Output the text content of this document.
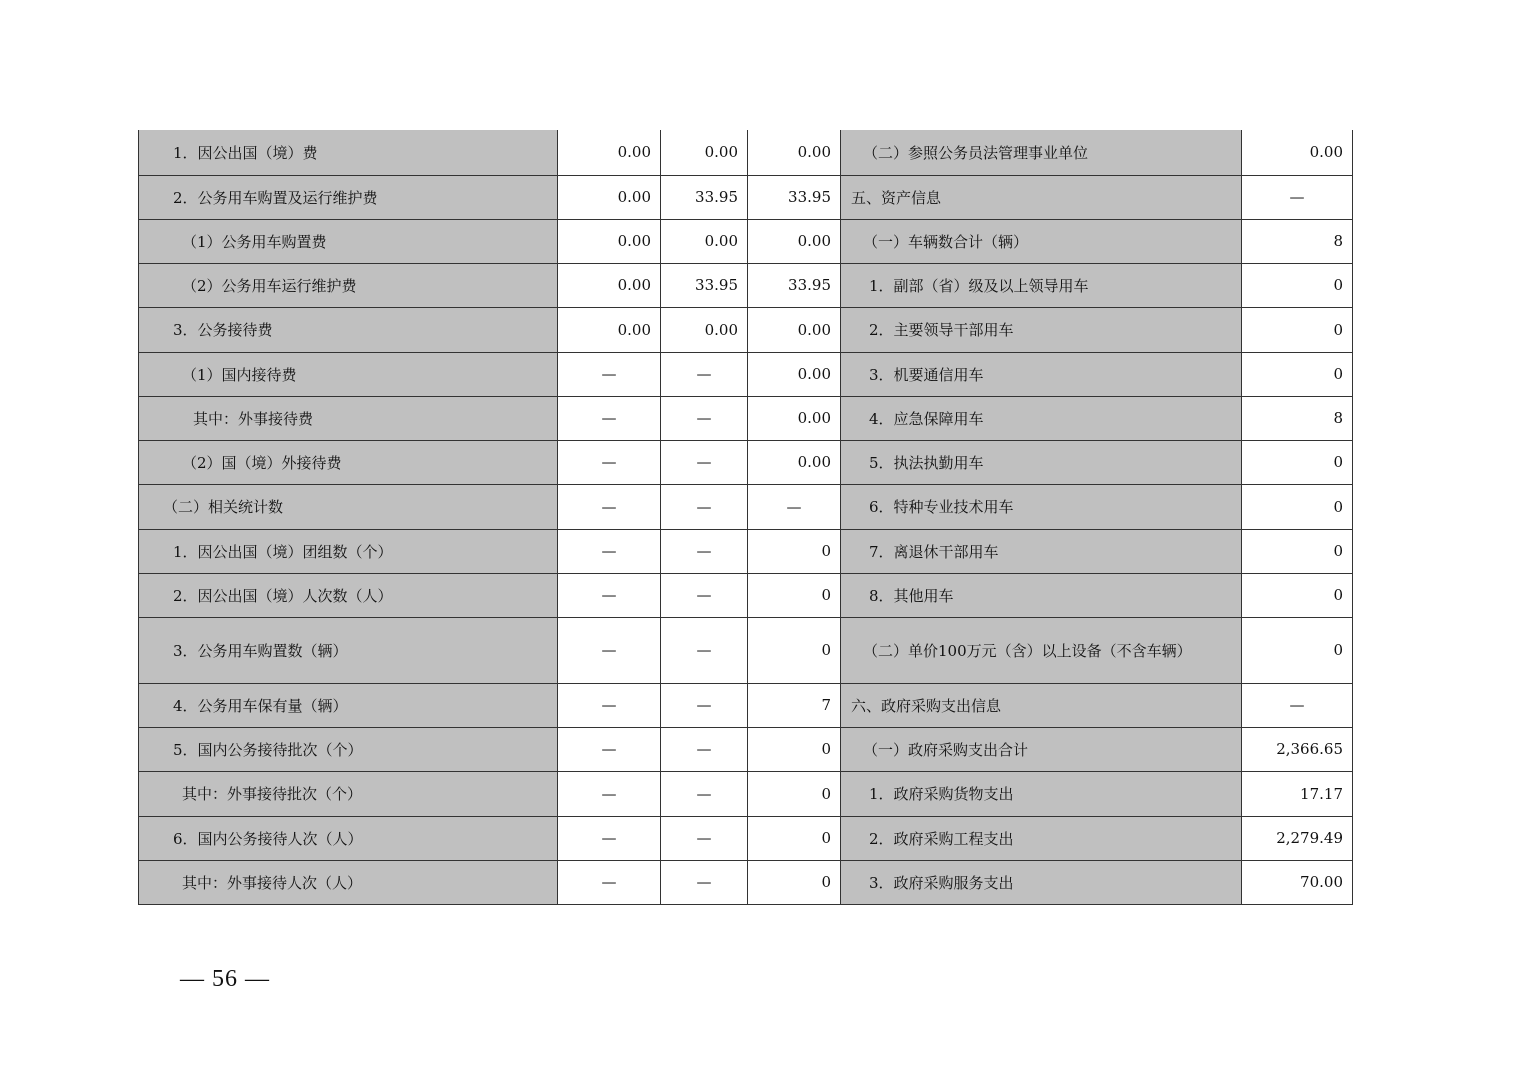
1．因公出国（境）费	0.00	0.00	0.00	（二）参照公务员法管理事业单位	0.00
2．公务用车购置及运行维护费	0.00	33.95	33.95	五、资产信息	—
（1）公务用车购置费	0.00	0.00	0.00	（一）车辆数合计（辆）	8
（2）公务用车运行维护费	0.00	33.95	33.95	1．副部（省）级及以上领导用车	0
3．公务接待费	0.00	0.00	0.00	2．主要领导干部用车	0
（1）国内接待费	—	—	0.00	3．机要通信用车	0
其中：外事接待费	—	—	0.00	4．应急保障用车	8
（2）国（境）外接待费	—	—	0.00	5．执法执勤用车	0
（二）相关统计数	—	—	—	6．特种专业技术用车	0
1．因公出国（境）团组数（个）	—	—	0	7．离退休干部用车	0
2．因公出国（境）人次数（人）	—	—	0	8．其他用车	0
3．公务用车购置数（辆）	—	—	0	（二）单价100万元（含）以上设备（不含车辆）	0
4．公务用车保有量（辆）	—	—	7	六、政府采购支出信息	—
5．国内公务接待批次（个）	—	—	0	（一）政府采购支出合计	2,366.65
其中：外事接待批次（个）	—	—	0	1．政府采购货物支出	17.17
6．国内公务接待人次（人）	—	—	0	2．政府采购工程支出	2,279.49
其中：外事接待人次（人）	—	—	0	3．政府采购服务支出	70.00
— 56 —
